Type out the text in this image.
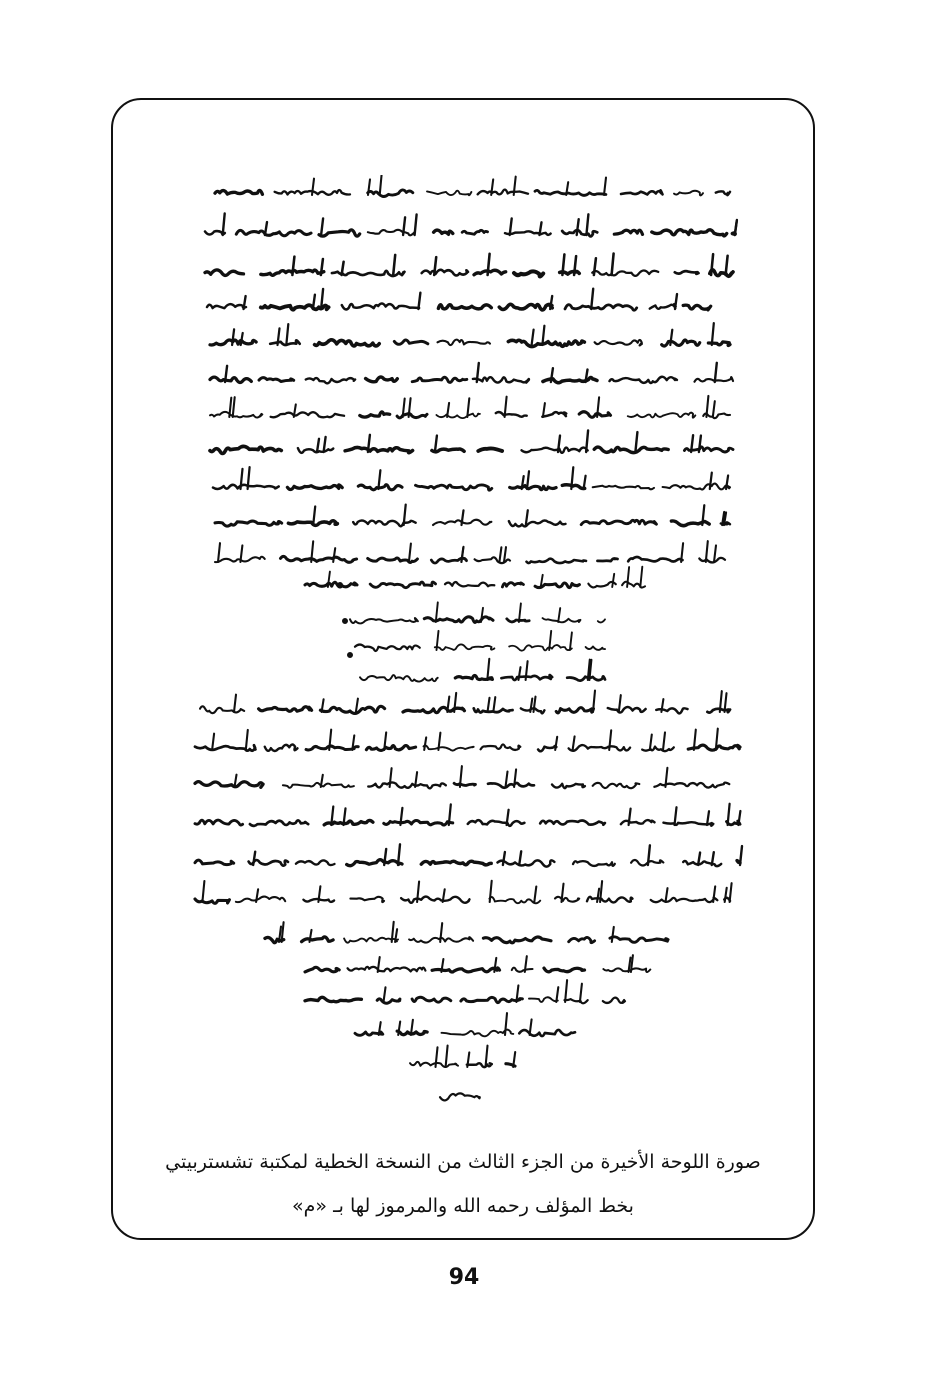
صورة اللوحة الأخيرة من الجزء الثالث من النسخة الخطية لمكتبة تشستربيتي
بخط المؤلف رحمه الله والمرموز لها بـ «م»
94
